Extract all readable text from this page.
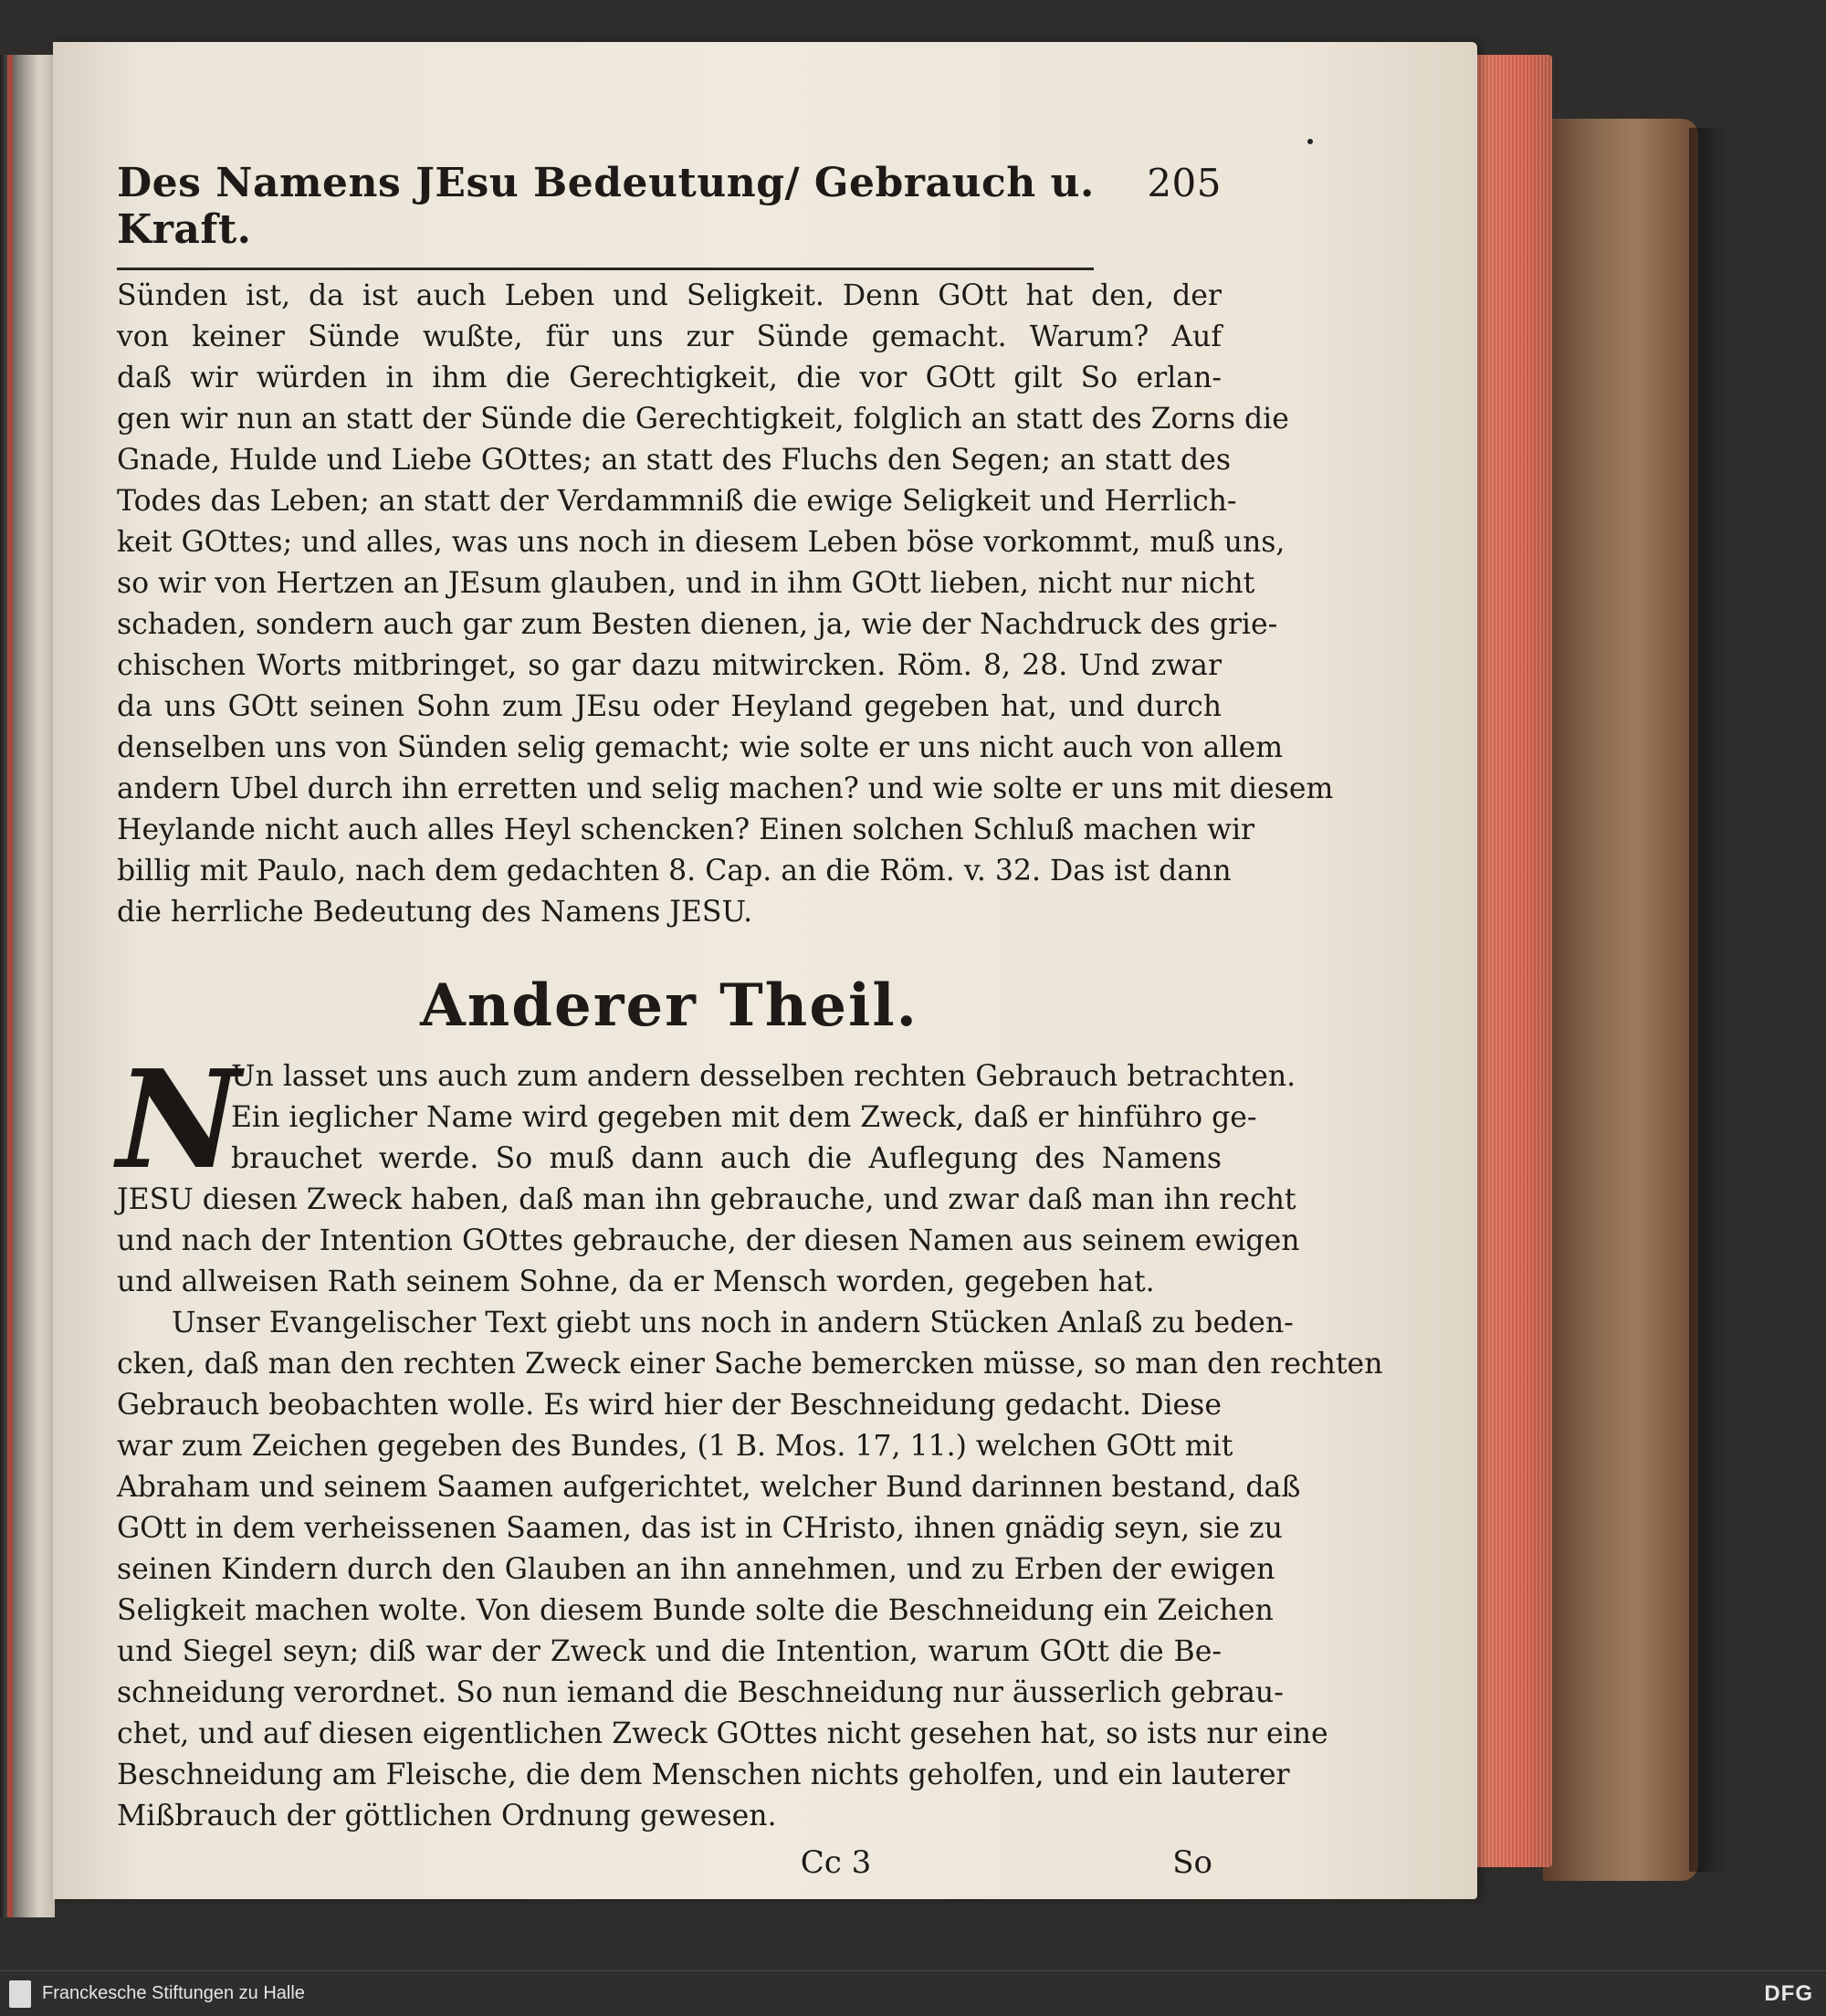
Des Namens JEsu Bedeutung/ Gebrauch u. Kraft.
205

Sünden ist, da ist auch Leben und Seligkeit. Denn GOtt hat den, der

von keiner Sünde wußte, für uns zur Sünde gemacht. Warum? Auf

daß wir würden in ihm die Gerechtigkeit, die vor GOtt gilt So erlan-

gen wir nun an statt der Sünde die Gerechtigkeit, folglich an statt des Zorns die

Gnade, Hulde und Liebe GOttes; an statt des Fluchs den Segen; an statt des

Todes das Leben; an statt der Verdammniß die ewige Seligkeit und Herrlich-

keit GOttes; und alles, was uns noch in diesem Leben böse vorkommt, muß uns,

so wir von Hertzen an JEsum glauben, und in ihm GOtt lieben, nicht nur nicht

schaden, sondern auch gar zum Besten dienen, ja, wie der Nachdruck des grie-

chischen Worts mitbringet, so gar dazu mitwircken. Röm. 8, 28. Und zwar

da uns GOtt seinen Sohn zum JEsu oder Heyland gegeben hat, und durch

denselben uns von Sünden selig gemacht; wie solte er uns nicht auch von allem

andern Ubel durch ihn erretten und selig machen? und wie solte er uns mit diesem

Heylande nicht auch alles Heyl schencken? Einen solchen Schluß machen wir

billig mit Paulo, nach dem gedachten 8. Cap. an die Röm. v. 32. Das ist dann

die herrliche Bedeutung des Namens JESU.

Anderer Theil.
N

Un lasset uns auch zum andern desselben rechten Gebrauch betrachten.

Ein ieglicher Name wird gegeben mit dem Zweck, daß er hinführo ge-

brauchet werde. So muß dann auch die Auflegung des Namens

JESU diesen Zweck haben, daß man ihn gebrauche, und zwar daß man ihn recht

und nach der Intention GOttes gebrauche, der diesen Namen aus seinem ewigen

und allweisen Rath seinem Sohne, da er Mensch worden, gegeben hat.

Unser Evangelischer Text giebt uns noch in andern Stücken Anlaß zu beden-

cken, daß man den rechten Zweck einer Sache bemercken müsse, so man den rechten

Gebrauch beobachten wolle. Es wird hier der Beschneidung gedacht. Diese

war zum Zeichen gegeben des Bundes, (1 B. Mos. 17, 11.) welchen GOtt mit

Abraham und seinem Saamen aufgerichtet, welcher Bund darinnen bestand, daß

GOtt in dem verheissenen Saamen, das ist in CHristo, ihnen gnädig seyn, sie zu

seinen Kindern durch den Glauben an ihn annehmen, und zu Erben der ewigen

Seligkeit machen wolte. Von diesem Bunde solte die Beschneidung ein Zeichen

und Siegel seyn; diß war der Zweck und die Intention, warum GOtt die Be-

schneidung verordnet. So nun iemand die Beschneidung nur äusserlich gebrau-

chet, und auf diesen eigentlichen Zweck GOttes nicht gesehen hat, so ists nur eine

Beschneidung am Fleische, die dem Menschen nichts geholfen, und ein lauterer

Mißbrauch der göttlichen Ordnung gewesen.

Cc 3	So
Franckesche Stiftungen zu Halle	DFG
